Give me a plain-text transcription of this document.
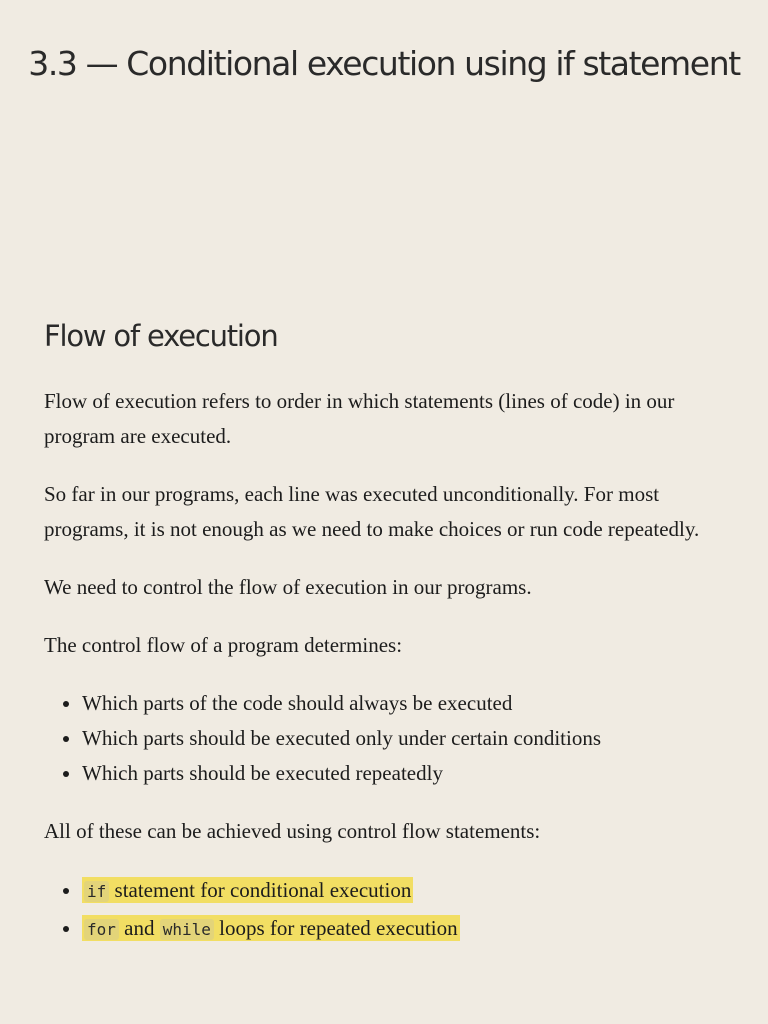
3.3 — Conditional execution using if statement
Flow of execution

Flow of execution refers to order in which statements (lines of code) in our program are executed.

So far in our programs, each line was executed unconditionally. For most programs, it is not enough as we need to make choices or run code repeatedly.

We need to control the flow of execution in our programs.

The control flow of a program determines:

• Which parts of the code should always be executed
• Which parts should be executed only under certain conditions
• Which parts should be executed repeatedly

All of these can be achieved using control flow statements:

• if statement for conditional execution
• for and while loops for repeated execution
